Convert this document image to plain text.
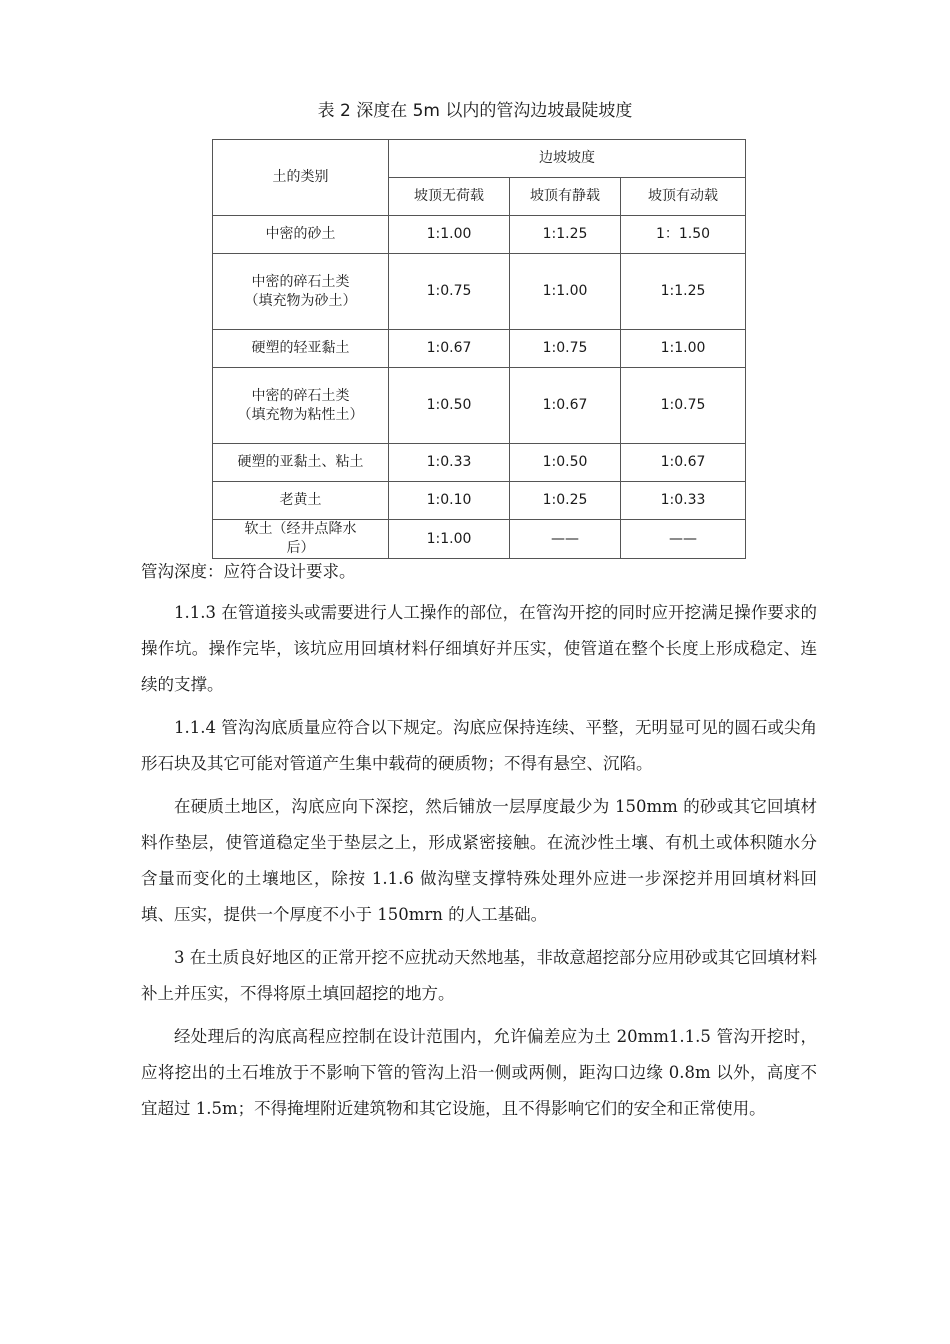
表 2 深度在 5m 以内的管沟边坡最陡坡度
土的类别	边坡坡度		
	坡顶无荷载	坡顶有静载	坡顶有动载
中密的砂土	1:1.00	1:1.25	1：1.50

中密的碎石土类
（填充物为砂土）	1:0.75	1:1.00	1:1.25
硬塑的轻亚黏土	1:0.67	1:0.75	1:1.00

中密的碎石土类
（填充物为粘性土）	1:0.50	1:0.67	1:0.75
硬塑的亚黏土、粘土	1:0.33	1:0.50	1:0.67
老黄土	1:0.10	1:0.25	1:0.33

软土（经井点降水
后）	1:1.00	——	——

管沟深度：应符合设计要求。

1.1.3 在管道接头或需要进行人工操作的部位，在管沟开挖的同时应开挖满足操作要求的操作坑。操作完毕，该坑应用回填材料仔细填好并压实，使管道在整个长度上形成稳定、连续的支撑。

1.1.4 管沟沟底质量应符合以下规定。沟底应保持连续、平整，无明显可见的圆石或尖角形石块及其它可能对管道产生集中载荷的硬质物；不得有悬空、沉陷。

在硬质土地区，沟底应向下深挖，然后铺放一层厚度最少为 150mm 的砂或其它回填材料作垫层，使管道稳定坐于垫层之上，形成紧密接触。在流沙性土壤、有机土或体积随水分含量而变化的土壤地区，除按 1.1.6 做沟壁支撑特殊处理外应进一步深挖并用回填材料回填、压实，提供一个厚度不小于 150mrn 的人工基础。

3 在土质良好地区的正常开挖不应扰动天然地基，非故意超挖部分应用砂或其它回填材料补上并压实，不得将原土填回超挖的地方。

经处理后的沟底高程应控制在设计范围内，允许偏差应为土 20mm1.1.5 管沟开挖时，应将挖出的土石堆放于不影响下管的管沟上沿一侧或两侧，距沟口边缘 0.8m 以外，高度不宜超过 1.5m；不得掩埋附近建筑物和其它设施，且不得影响它们的安全和正常使用。
